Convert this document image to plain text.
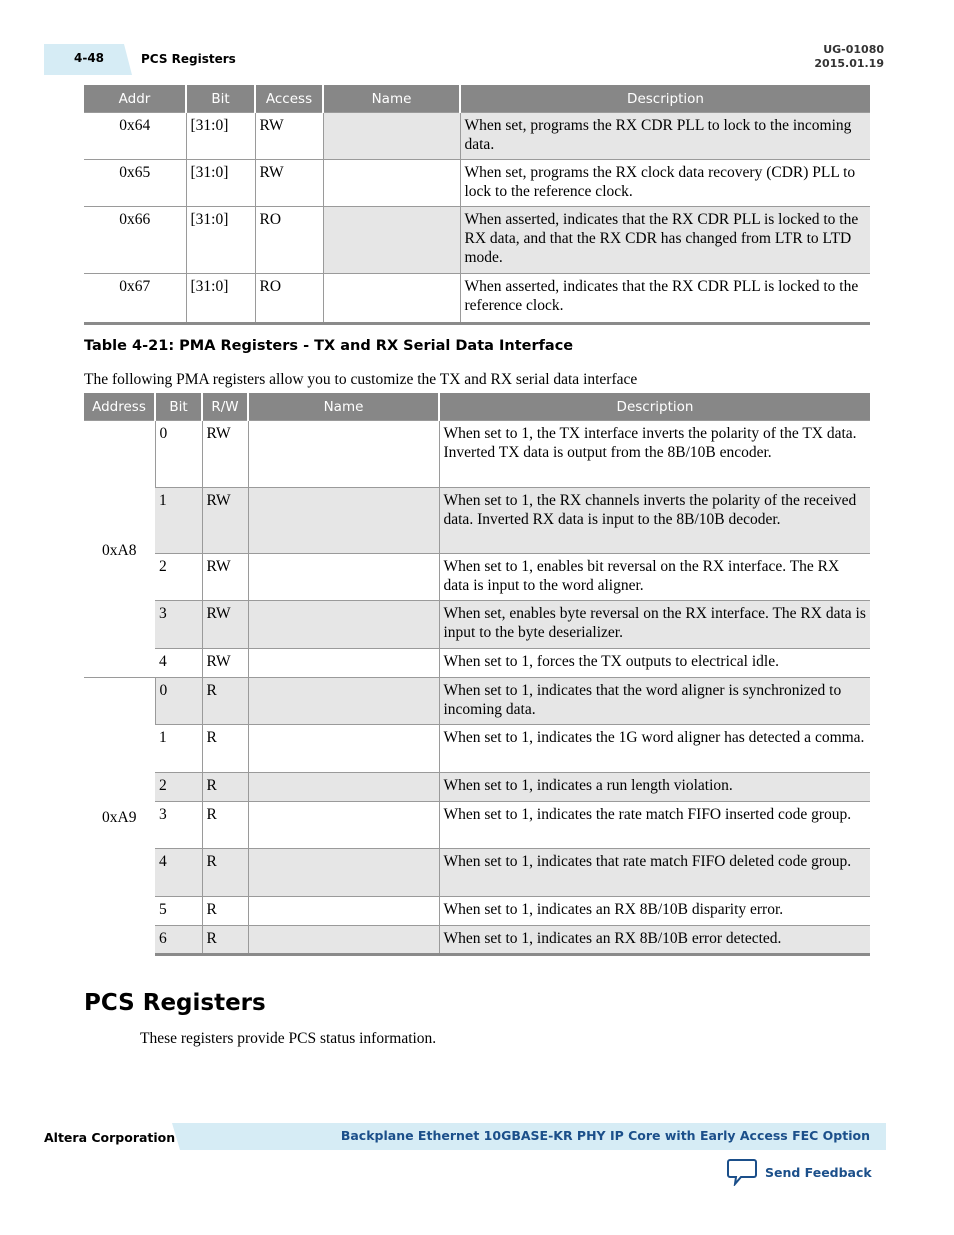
4-48	PCS Registers
UG-01080
2015.01.19
Addr	Bit	Access	Name	Description
0x64	[31:0]	RW		When set, programs the RX CDR PLL to lock to the incoming data.
0x65	[31:0]	RW		When set, programs the RX clock data recovery (CDR) PLL to lock to the reference clock.
0x66	[31:0]	RO		When asserted, indicates that the RX CDR PLL is locked to the RX data, and that the RX CDR has changed from LTR to LTD mode.
0x67	[31:0]	RO		When asserted, indicates that the RX CDR PLL is locked to the reference clock.
Table 4-21: PMA Registers - TX and RX Serial Data Interface
The following PMA registers allow you to customize the TX and RX serial data interface
Address	Bit	R/W	Name	Description
0xA8	0	RW		When set to 1, the TX interface inverts the polarity of the TX data. Inverted TX data is output from the 8B/10B encoder.
	1	RW		When set to 1, the RX channels inverts the polarity of the received data. Inverted RX data is input to the 8B/10B decoder.
	2	RW		When set to 1, enables bit reversal on the RX interface. The RX data is input to the word aligner.
	3	RW		When set, enables byte reversal on the RX interface. The RX data is input to the byte deserializer.
	4	RW		When set to 1, forces the TX outputs to electrical idle.
0xA9	0	R		When set to 1, indicates that the word aligner is synchronized to incoming data.
	1	R		When set to 1, indicates the 1G word aligner has detected a comma.
	2	R		When set to 1, indicates a run length violation.
	3	R		When set to 1, indicates the rate match FIFO inserted code group.
	4	R		When set to 1, indicates that rate match FIFO deleted code group.
	5	R		When set to 1, indicates an RX 8B/10B disparity error.
	6	R		When set to 1, indicates an RX 8B/10B error detected.
PCS Registers
These registers provide PCS status information.
Altera Corporation	Backplane Ethernet 10GBASE-KR PHY IP Core with Early Access FEC Option
Send Feedback
